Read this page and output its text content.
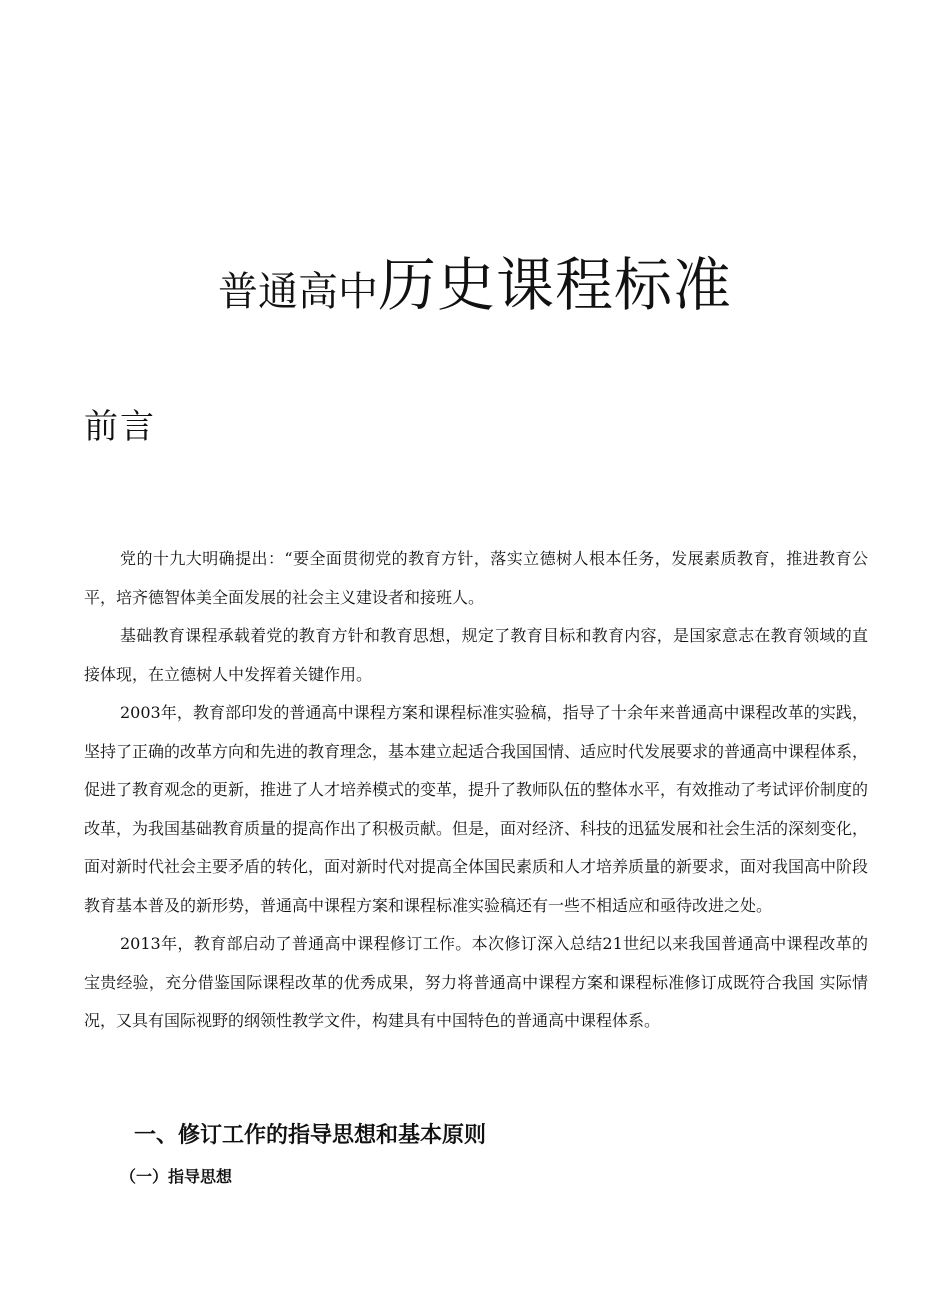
普通高中历史课程标准
前言

党的十九大明确提出：“要全面贯彻党的教育方针，落实立德树人根本任务，发展素质教育，推进教育公平，培齐德智体美全面发展的社会主义建设者和接班人。

基础教育课程承载着党的教育方针和教育思想，规定了教育目标和教育内容，是国家意志在教育领域的直接体现，在立德树人中发挥着关键作用。

2003年，教育部印发的普通高中课程方案和课程标准实验稿，指导了十余年来普通高中课程改革的实践，坚持了正确的改革方向和先进的教育理念，基本建立起适合我国国情、适应时代发展要求的普通高中课程体系，促进了教育观念的更新，推进了人才培养模式的变革，提升了教师队伍的整体水平，有效推动了考试评价制度的改革，为我国基础教育质量的提高作出了积极贡献。但是，面对经济、科技的迅猛发展和社会生活的深刻变化，面对新时代社会主要矛盾的转化，面对新时代对提高全体国民素质和人才培养质量的新要求，面对我国高中阶段教育基本普及的新形势，普通高中课程方案和课程标准实验稿还有一些不相适应和亟待改进之处。

2013年，教育部启动了普通高中课程修订工作。本次修订深入总结21世纪以来我国普通高中课程改革的宝贵经验，充分借鉴国际课程改革的优秀成果，努力将普通高中课程方案和课程标准修订成既符合我国 实际情况，又具有国际视野的纲领性教学文件，构建具有中国特色的普通高中课程体系。

一、修订工作的指导思想和基本原则
（一）指导思想
